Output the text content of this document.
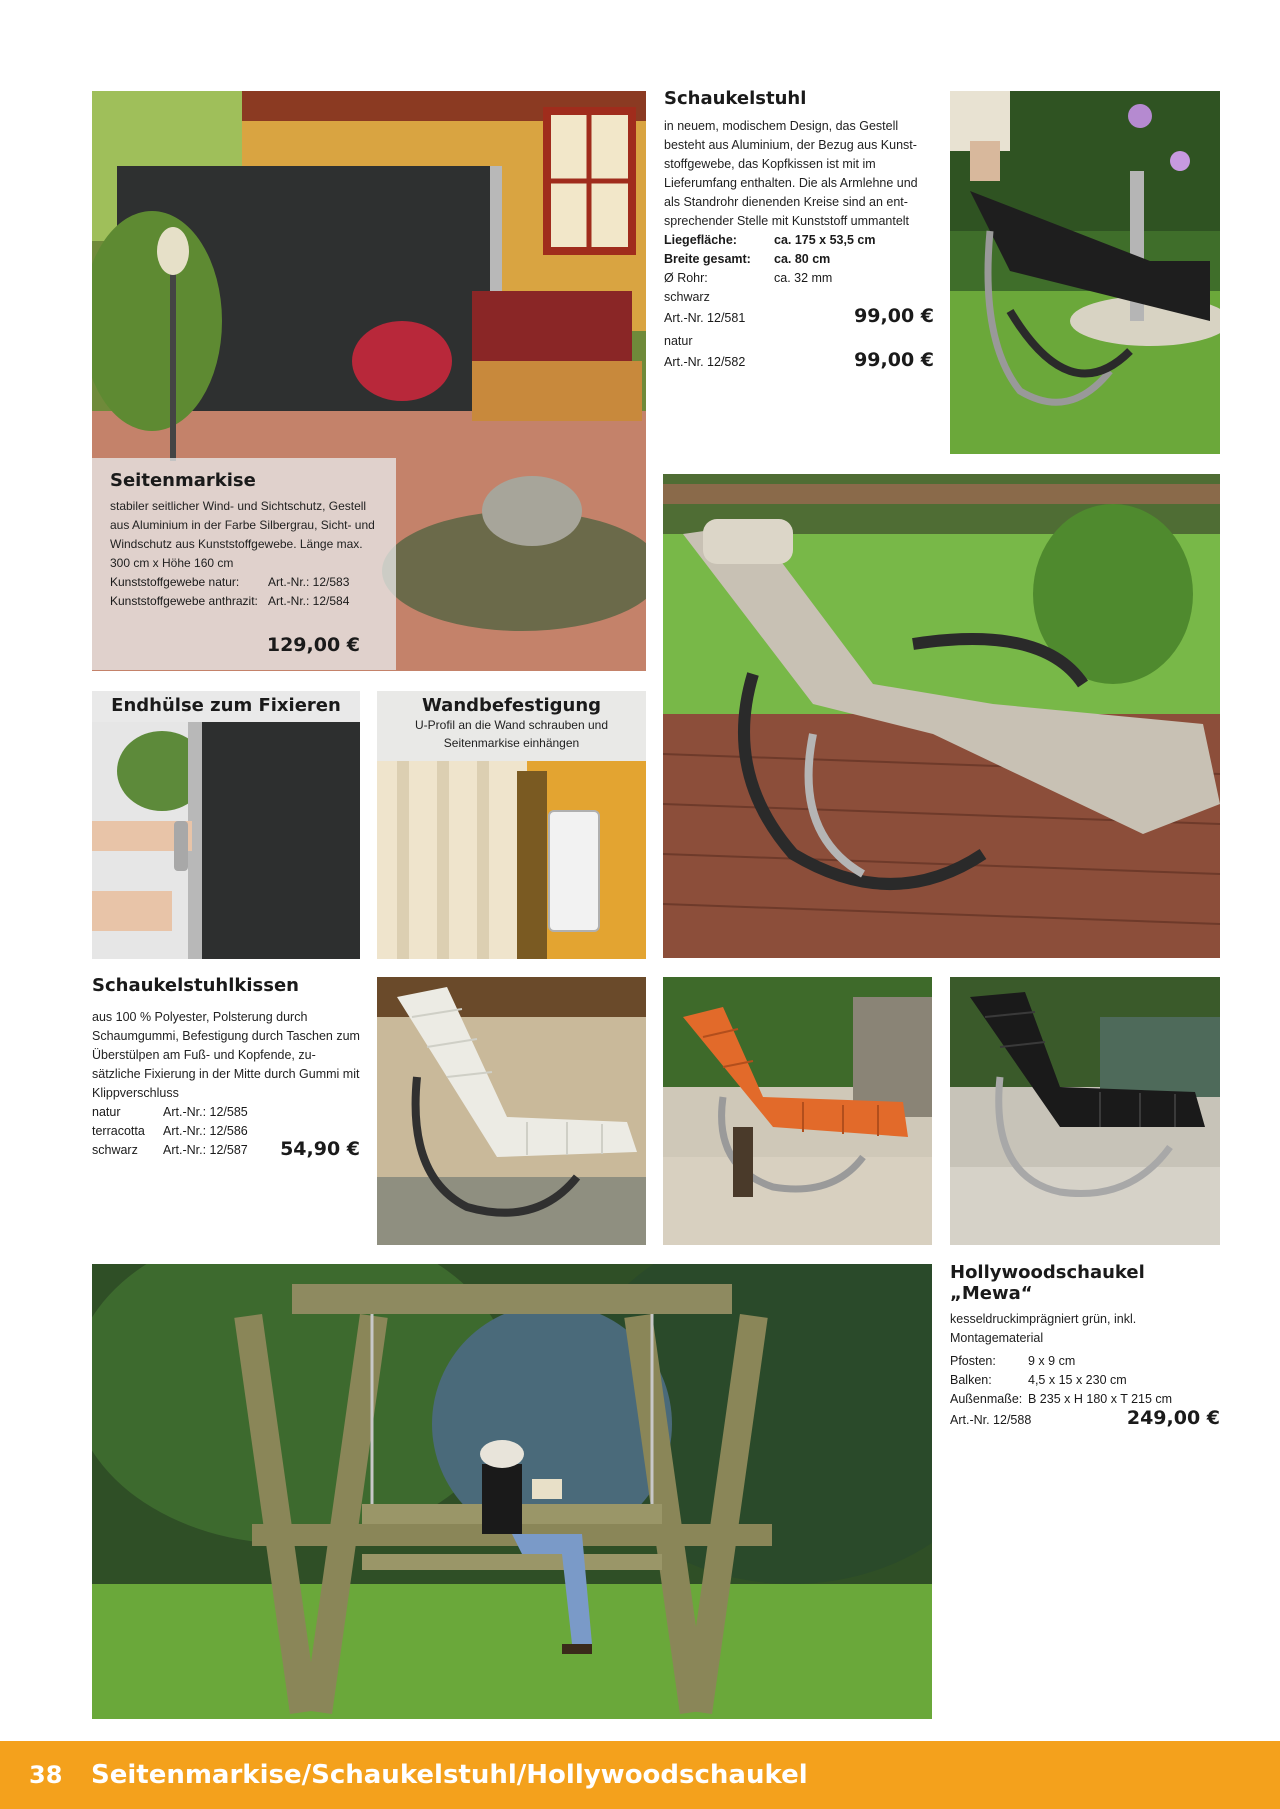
Seitenmarkise
stabiler seitlicher Wind- und Sichtschutz, Gestell aus Aluminium in der Farbe Silbergrau, Sicht- und Windschutz aus Kunststoffgewebe. Länge max. 300 cm x Höhe 160 cm
Kunststoffgewebe natur:	Art.-Nr.: 12/583
Kunststoffgewebe anthrazit: Art.-Nr.: 12/584
129,00 €
Schaukelstuhl
in neuem, modischem Design, das Gestell besteht aus Aluminium, der Bezug aus Kunst-stoffgewebe, das Kopfkissen ist mit im Lieferumfang enthalten. Die als Armlehne und als Standrohr dienenden Kreise sind an ent-sprechender Stelle mit Kunststoff ummantelt
Liegefläche:	ca. 175 x 53,5 cm
Breite gesamt:	ca. 80 cm
Ø Rohr:	ca. 32 mm
schwarz
Art.-Nr. 12/581	99,00 €
natur
Art.-Nr. 12/582	99,00 €
Endhülse zum Fixieren	Wandbefestigung
U-Profil an die Wand schrauben und Seitenmarkise einhängen
Schaukelstuhlkissen
aus 100 % Polyester, Polsterung durch Schaumgummi, Befestigung durch Taschen zum Überstülpen am Fuß- und Kopfende, zu-sätzliche Fixierung in der Mitte durch Gummi mit Klippverschluss
natur	Art.-Nr.: 12/585
terracotta	Art.-Nr.: 12/586
schwarz	Art.-Nr.: 12/587 54,90 €
Hollywoodschaukel „Mewa“
kesseldruckimprägniert grün, inkl. Montagematerial
Pfosten:	9 x 9 cm
Balken:	4,5 x 15 x 230 cm
Außenmaße: B 235 x H 180 x T 215 cm
Art.-Nr. 12/588	249,00 €
38	Seitenmarkise/Schaukelstuhl/Hollywoodschaukel
